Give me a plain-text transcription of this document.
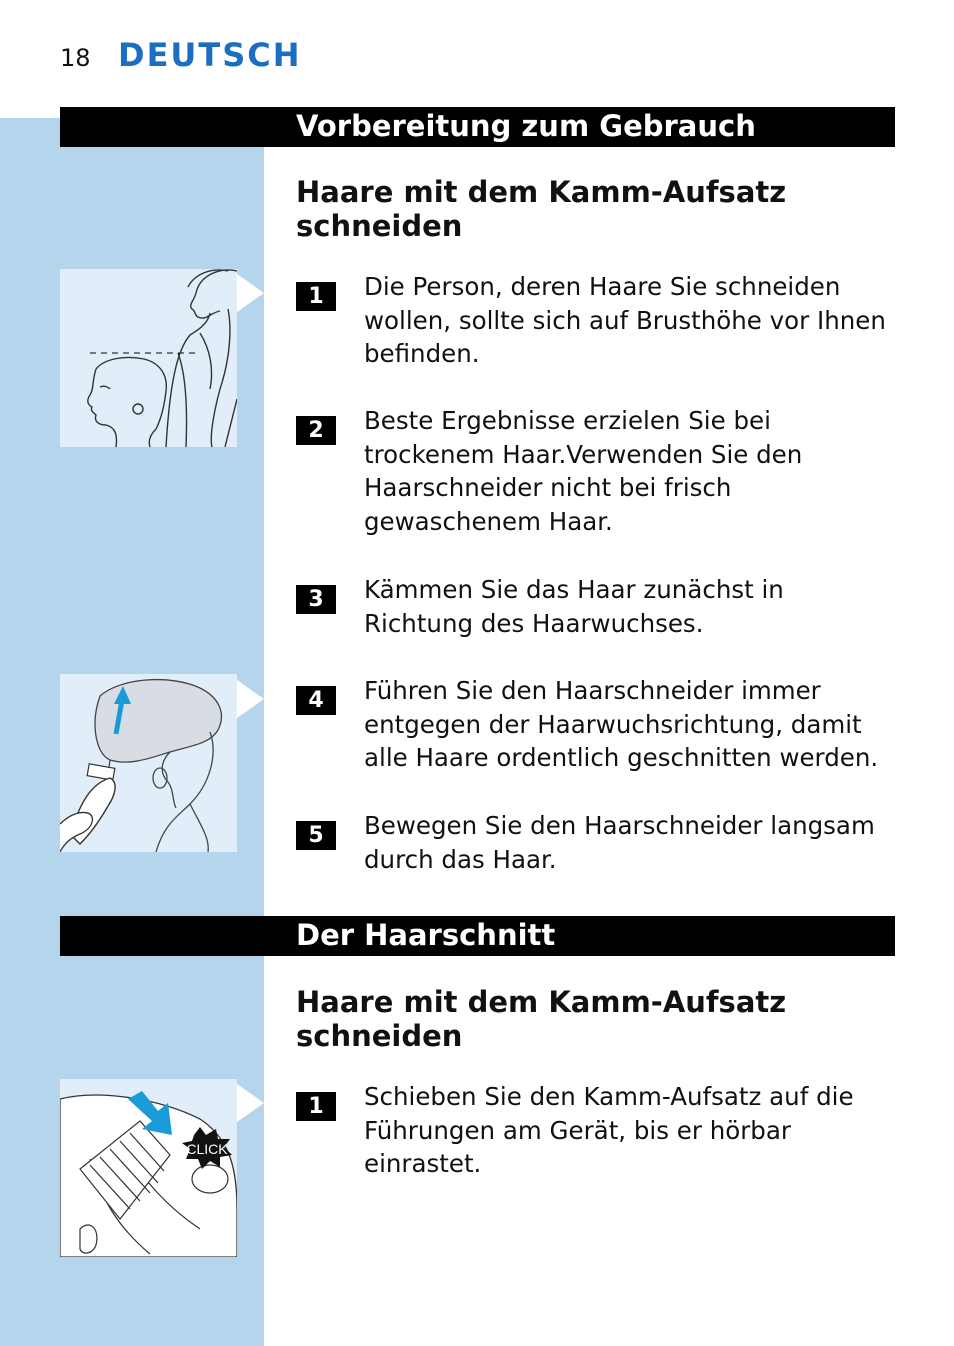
18 DEUTSCH
Vorbereitung zum Gebrauch
Haare mit dem Kamm-Aufsatz
schneiden
1	Die Person, deren Haare Sie schneiden wollen, sollte sich auf Brusthöhe vor Ihnen befinden.
2	Beste Ergebnisse erzielen Sie bei trockenem Haar.Verwenden Sie den Haarschneider nicht bei frisch gewaschenem Haar.
3	Kämmen Sie das Haar zunächst in Richtung des Haarwuchses.
4	Führen Sie den Haarschneider immer entgegen der Haarwuchsrichtung, damit alle Haare ordentlich geschnitten werden.
5	Bewegen Sie den Haarschneider langsam durch das Haar.
Der Haarschnitt
Haare mit dem Kamm-Aufsatz
schneiden
1	Schieben Sie den Kamm-Aufsatz auf die Führungen am Gerät, bis er hörbar einrastet.
CLICK
